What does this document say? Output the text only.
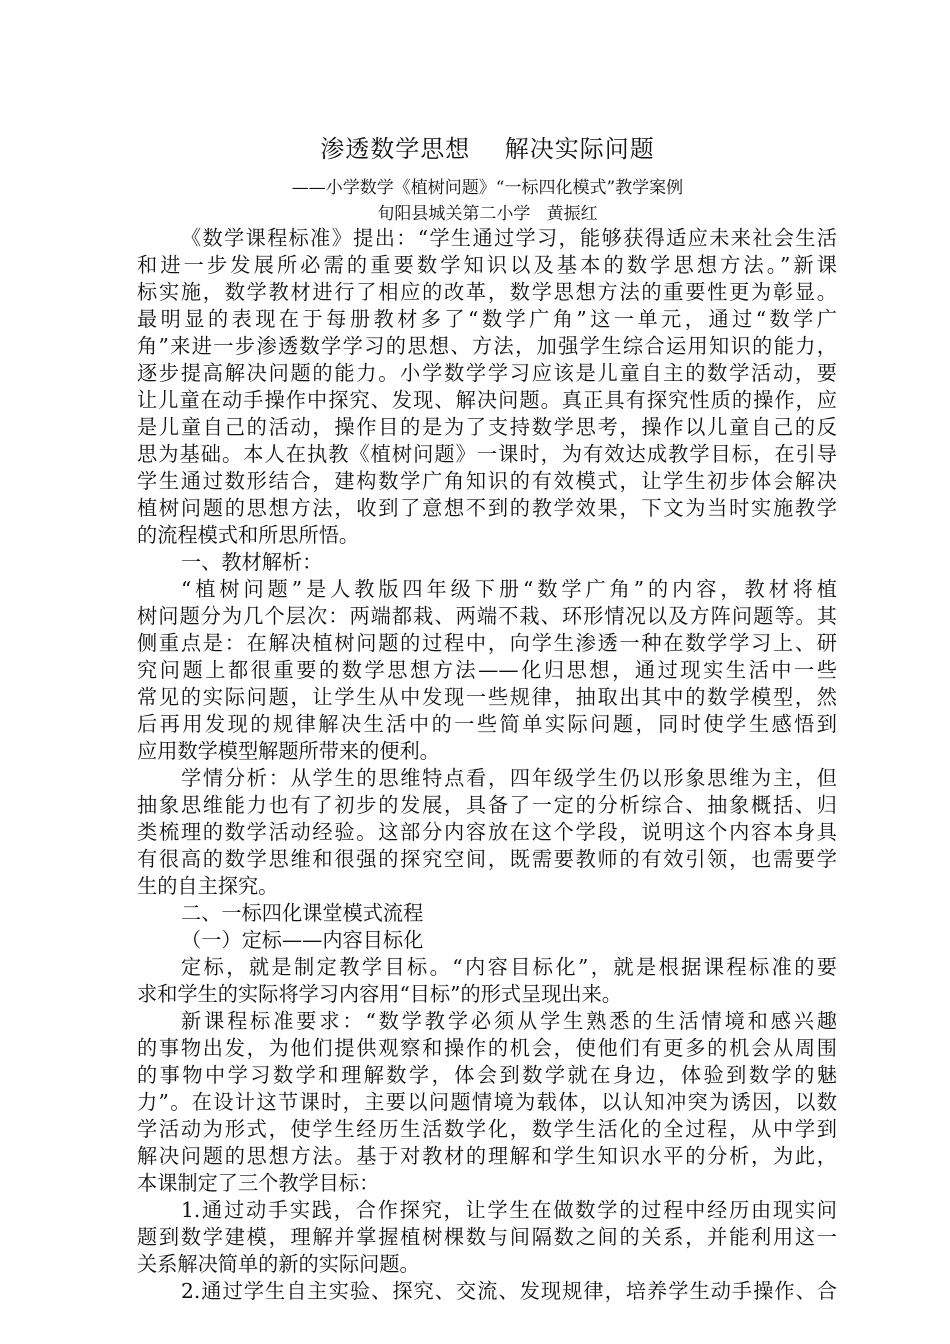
渗透数学思想    解决实际问题
——小学数学《植树问题》“一标四化模式”教学案例
旬阳县城关第二小学   黄振红
《数学课程标准》提出：“学生通过学习，能够获得适应未来社会生活
和进一步发展所必需的重要数学知识以及基本的数学思想方法。”新课
标实施，数学教材进行了相应的改革，数学思想方法的重要性更为彰显。
最明显的表现在于每册教材多了“数学广角”这一单元，通过“数学广
角”来进一步渗透数学学习的思想、方法，加强学生综合运用知识的能力，
逐步提高解决问题的能力。小学数学学习应该是儿童自主的数学活动，要
让儿童在动手操作中探究、发现、解决问题。真正具有探究性质的操作，应
是儿童自己的活动，操作目的是为了支持数学思考，操作以儿童自己的反
思为基础。本人在执教《植树问题》一课时，为有效达成教学目标，在引导
学生通过数形结合，建构数学广角知识的有效模式，让学生初步体会解决
植树问题的思想方法，收到了意想不到的教学效果，下文为当时实施教学
的流程模式和所思所悟。
一、教材解析：
“植树问题”是人教版四年级下册“数学广角”的内容，教材将植
树问题分为几个层次：两端都栽、两端不栽、环形情况以及方阵问题等。其
侧重点是：在解决植树问题的过程中，向学生渗透一种在数学学习上、研
究问题上都很重要的数学思想方法——化归思想，通过现实生活中一些
常见的实际问题，让学生从中发现一些规律，抽取出其中的数学模型，然
后再用发现的规律解决生活中的一些简单实际问题，同时使学生感悟到
应用数学模型解题所带来的便利。
学情分析：从学生的思维特点看，四年级学生仍以形象思维为主，但
抽象思维能力也有了初步的发展，具备了一定的分析综合、抽象概括、归
类梳理的数学活动经验。这部分内容放在这个学段，说明这个内容本身具
有很高的数学思维和很强的探究空间，既需要教师的有效引领，也需要学
生的自主探究。
二、一标四化课堂模式流程
（一）定标——内容目标化
定标，就是制定教学目标。“内容目标化”，就是根据课程标准的要
求和学生的实际将学习内容用“目标”的形式呈现出来。
新课程标准要求：“数学教学必须从学生熟悉的生活情境和感兴趣
的事物出发，为他们提供观察和操作的机会，使他们有更多的机会从周围
的事物中学习数学和理解数学，体会到数学就在身边，体验到数学的魅
力”。在设计这节课时，主要以问题情境为载体，以认知冲突为诱因，以数
学活动为形式，使学生经历生活数学化，数学生活化的全过程，从中学到
解决问题的思想方法。基于对教材的理解和学生知识水平的分析，为此，
本课制定了三个教学目标：
1.通过动手实践，合作探究，让学生在做数学的过程中经历由现实问
题到数学建模，理解并掌握植树棵数与间隔数之间的关系，并能利用这一
关系解决简单的新的实际问题。
2.通过学生自主实验、探究、交流、发现规律，培养学生动手操作、合
